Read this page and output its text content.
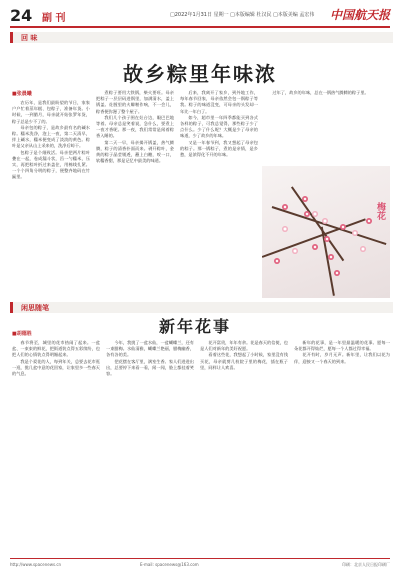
24 副 刊	□2022年1月31日 星期一 □本版编辑 杜汉民 □本版美编 孟宏伟 中国航天报
回 味
故乡粽里年味浓
■张晨曦

农历年，是我们最盼望的节日，家家户户忙着蒸年糕、包粽子，准备年货。小时候，一到腊月，母亲就开始张罗年货，粽子总是少不了的。

母亲包的粽子，是故乡最有名的碱水粽。糯米洗净，泡上一夜，第二天清早，拌上碱水，糯米便变成了淡淡的黄色。粽叶是父亲从山上采来的，洗净后晾干。

包粽子是个细致活。母亲把两片粽叶叠在一起，卷成漏斗状，舀一勺糯米，压实，再把粽叶折过来盖住，用棉线扎紧。一个个四角分明的粽子，便整齐地码在竹匾里。

煮粽子要用大铁锅，柴火要旺。母亲把粽子一层层码进锅里，加满清水，盖上锅盖。灶膛里的火噼啪作响，不一会儿，粽香便弥漫了整个屋子。

我们几个孩子围在灶台边，眼巴巴地等着。母亲总是笑着说，急什么，要煮上一夜才香呢。那一夜，我们常常是闻着粽香入睡的。

第二天一早，母亲揭开锅盖，热气腾腾，粽子的清香扑面而来。剥开粽叶，金黄的粽子晶莹剔透，蘸上白糖，咬一口，软糯香甜，那是记忆中最美的味道。

后来，我离开了家乡，到外地工作，每年春节回家，母亲依然会包一锅粽子等我。粽子的味道没变，可母亲的头发却一年比一年白了。

如今，超市里一年四季都能买到各式各样的粽子，可我总觉得，那些粽子少了点什么。少了什么呢？大概是少了母亲的味道，少了故乡的年味。

又是一年春节到，我又想起了母亲包的粽子。那一锅粽子，煮的是亲情，是乡愁，是浓得化不开的年味。

过年了，故乡的年味，总在一锅热气腾腾的粽子里。

梅花
闲思随笔
新年花事
■胡德胜

春节将至，城里的花市热闹了起来。一盆盆、一束束的鲜花，把街道装点得五彩缤纷，也把人们的心情装点得明媚起来。

我是个爱花的人，每到年关，总要去花市逛一逛，挑几盆中意的花回家，让家里多一些春天的气息。

今年，我挑了一盆水仙，一盆蝴蝶兰，还有一束腊梅。水仙清雅，蝴蝶兰艳丽，腊梅幽香，各有各的美。

把花摆在客厅里，满室生香。家人们进进出出，总要停下来看一看，闻一闻，脸上都挂着笑容。

花开富贵，年年有余。花是春天的信使，也是人们对新年的美好祝愿。

看着这些花，我想起了小时候，家里没有钱买花，母亲就剪几枝院子里的梅花，插在瓶子里，同样让人欢喜。

新年的花事，是一年里最温暖的花事。愿每一朵花都开得灿烂，愿每一个人都过得幸福。

花开有时，岁月无声。新年里，让我们以花为伴，迎接又一个春天的到来。

http://www.spacenews.cn	E-mail: spacenews@163.com	印刷：北京人民日报印刷厂
